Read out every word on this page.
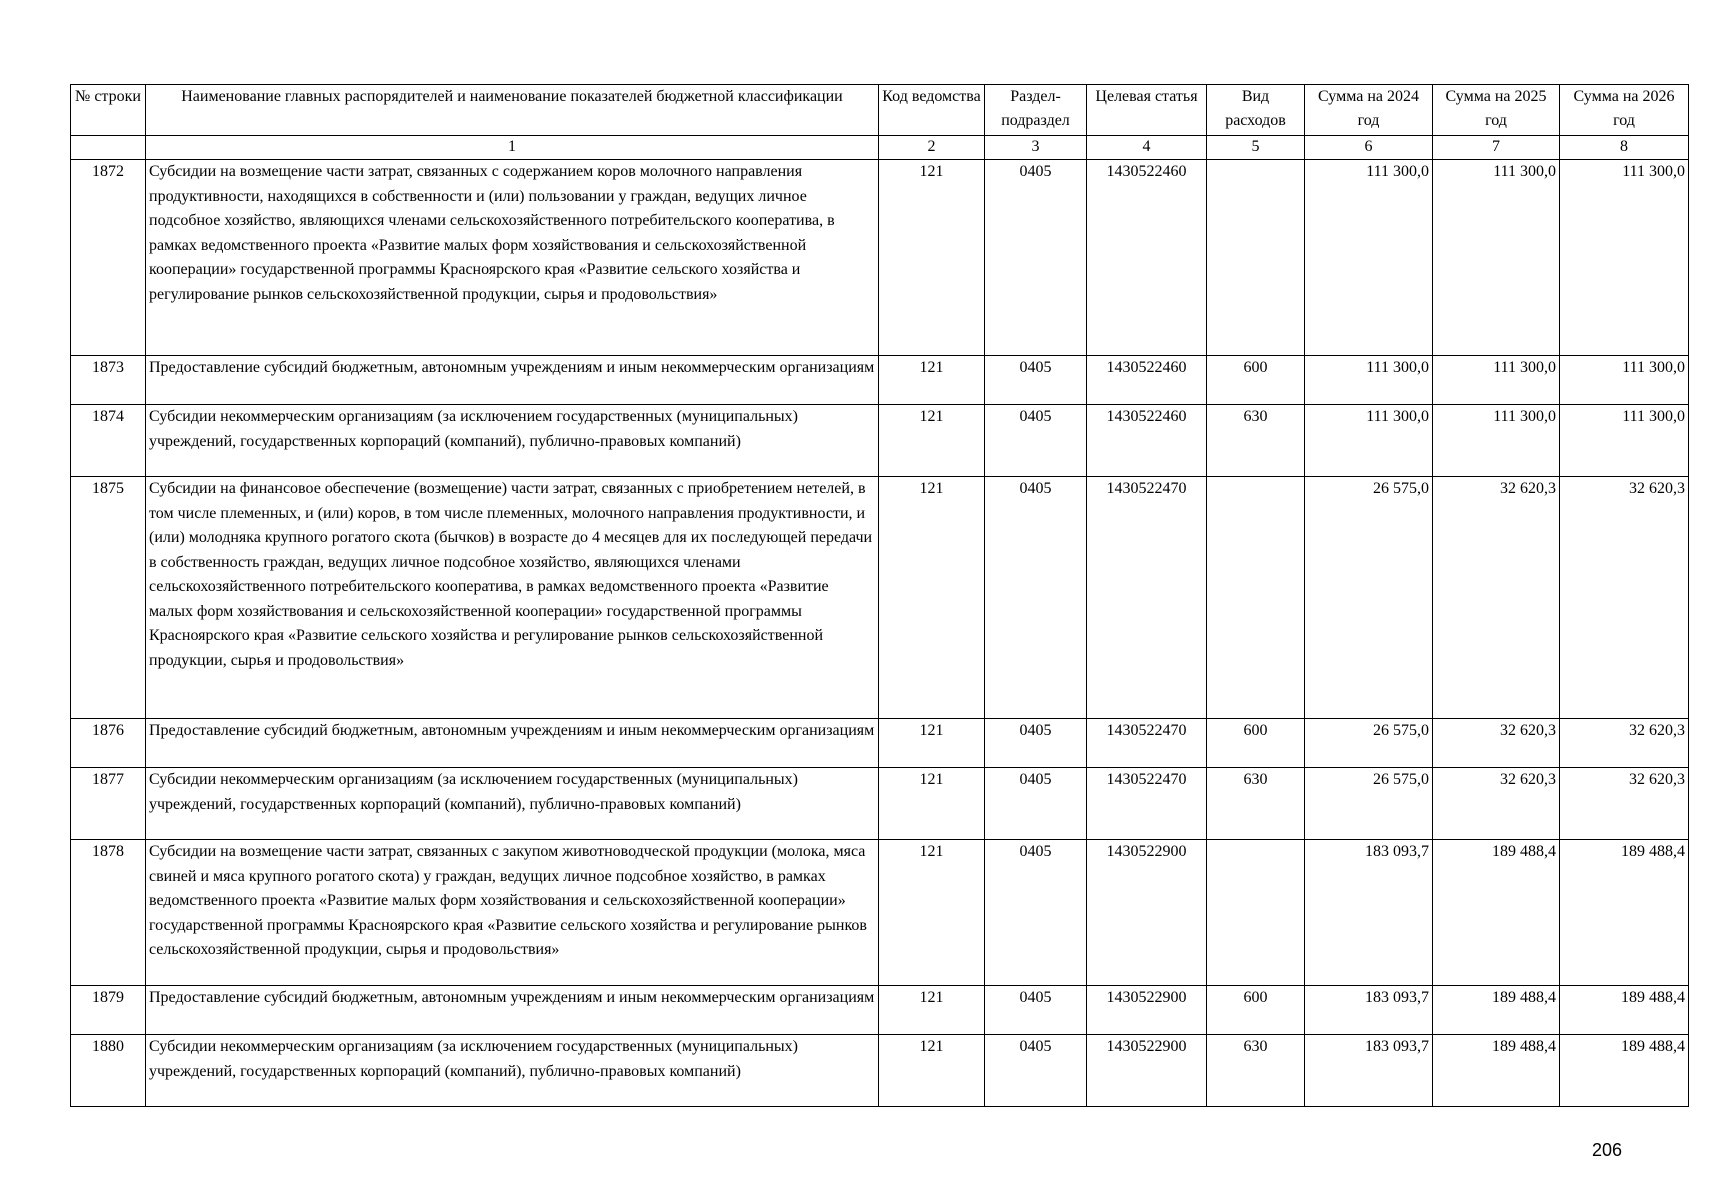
№ строки	Наименование главных распорядителей и наименование показателей бюджетной классификации	Код ведомства	Раздел-подраздел	Целевая статья	Вид расходов	Сумма на 2024 год	Сумма на 2025 год	Сумма на 2026 год
	1	2	3	4	5	6	7	8
1872	Субсидии на возмещение части затрат, связанных с содержанием коров молочного направления продуктивности, находящихся в собственности и (или) пользовании у граждан, ведущих личное подсобное хозяйство, являющихся членами сельскохозяйственного потребительского кооператива, в рамках ведомственного проекта «Развитие малых форм хозяйствования и сельскохозяйственной кооперации» государственной программы Красноярского края «Развитие сельского хозяйства и регулирование рынков сельскохозяйственной продукции, сырья и продовольствия»	121	0405	1430522460		111 300,0	111 300,0	111 300,0
1873	Предоставление субсидий бюджетным, автономным учреждениям и иным некоммерческим организациям	121	0405	1430522460	600	111 300,0	111 300,0	111 300,0
1874	Субсидии некоммерческим организациям (за исключением государственных (муниципальных) учреждений, государственных корпораций (компаний), публично-правовых компаний)	121	0405	1430522460	630	111 300,0	111 300,0	111 300,0
1875	Субсидии на финансовое обеспечение (возмещение) части затрат, связанных с приобретением нетелей, в том числе племенных, и (или) коров, в том числе племенных, молочного направления продуктивности, и (или) молодняка крупного рогатого скота (бычков) в возрасте до 4 месяцев для их последующей передачи в собственность граждан, ведущих личное подсобное хозяйство, являющихся членами сельскохозяйственного потребительского кооператива, в рамках ведомственного проекта «Развитие малых форм хозяйствования и сельскохозяйственной кооперации» государственной программы Красноярского края «Развитие сельского хозяйства и регулирование рынков сельскохозяйственной продукции, сырья и продовольствия»	121	0405	1430522470		26 575,0	32 620,3	32 620,3
1876	Предоставление субсидий бюджетным, автономным учреждениям и иным некоммерческим организациям	121	0405	1430522470	600	26 575,0	32 620,3	32 620,3
1877	Субсидии некоммерческим организациям (за исключением государственных (муниципальных) учреждений, государственных корпораций (компаний), публично-правовых компаний)	121	0405	1430522470	630	26 575,0	32 620,3	32 620,3
1878	Субсидии на возмещение части затрат, связанных с закупом животноводческой продукции (молока, мяса свиней и мяса крупного рогатого скота) у граждан, ведущих личное подсобное хозяйство, в рамках ведомственного проекта «Развитие малых форм хозяйствования и сельскохозяйственной кооперации» государственной программы Красноярского края «Развитие сельского хозяйства и регулирование рынков сельскохозяйственной продукции, сырья и продовольствия»	121	0405	1430522900		183 093,7	189 488,4	189 488,4
1879	Предоставление субсидий бюджетным, автономным учреждениям и иным некоммерческим организациям	121	0405	1430522900	600	183 093,7	189 488,4	189 488,4
1880	Субсидии некоммерческим организациям (за исключением государственных (муниципальных) учреждений, государственных корпораций (компаний), публично-правовых компаний)	121	0405	1430522900	630	183 093,7	189 488,4	189 488,4
206
